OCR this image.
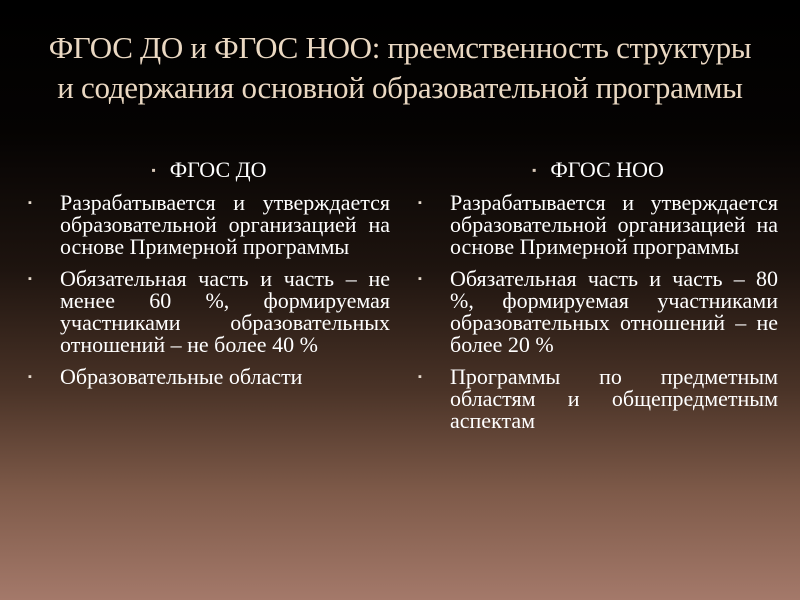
ФГОС ДО и ФГОС НОО: преемственность структуры и содержания основной образовательной программы
▪ ФГОС ДО
▪	Разрабатывается и утверждается образовательной организацией на основе Примерной программы
▪	Обязательная часть и часть – не менее 60 %, формируемая участниками образовательных отношений – не более 40 %
▪	Образовательные области
▪ ФГОС НОО
▪	Разрабатывается и утверждается образовательной организацией на основе Примерной программы
▪	Обязательная часть и часть – 80 %, формируемая участниками образовательных отношений – не более 20 %
▪	Программы по предметным областям и общепредметным аспектам
